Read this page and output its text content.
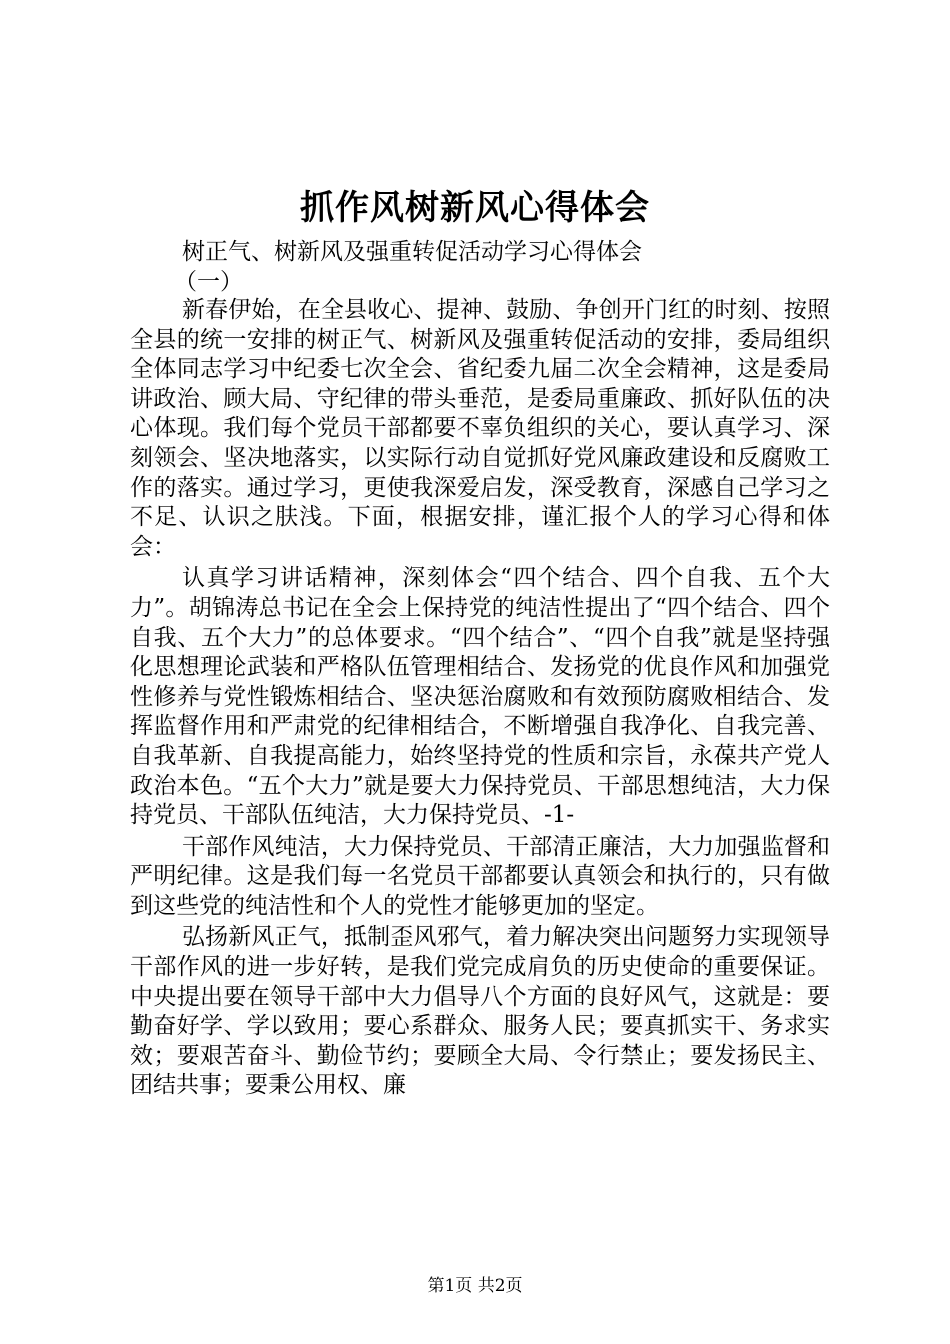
抓作风树新风心得体会
树正气、树新风及强重转促活动学习心得体会
（一）

新春伊始，在全县收心、提神、鼓励、争创开门红的时刻、按照全县的统一安排的树正气、树新风及强重转促活动的安排，委局组织全体同志学习中纪委七次全会、省纪委九届二次全会精神，这是委局讲政治、顾大局、守纪律的带头垂范，是委局重廉政、抓好队伍的决心体现。我们每个党员干部都要不辜负组织的关心，要认真学习、深刻领会、坚决地落实，以实际行动自觉抓好党风廉政建设和反腐败工作的落实。通过学习，更使我深爱启发，深受教育，深感自己学习之不足、认识之肤浅。下面，根据安排，谨汇报个人的学习心得和体会：

认真学习讲话精神，深刻体会“四个结合、四个自我、五个大力”。胡锦涛总书记在全会上保持党的纯洁性提出了“四个结合、四个自我、五个大力”的总体要求。“四个结合”、“四个自我”就是坚持强化思想理论武装和严格队伍管理相结合、发扬党的优良作风和加强党性修养与党性锻炼相结合、坚决惩治腐败和有效预防腐败相结合、发挥监督作用和严肃党的纪律相结合，不断增强自我净化、自我完善、自我革新、自我提高能力，始终坚持党的性质和宗旨，永葆共产党人政治本色。“五个大力”就是要大力保持党员、干部思想纯洁，大力保持党员、干部队伍纯洁，大力保持党员、-1-

干部作风纯洁，大力保持党员、干部清正廉洁，大力加强监督和严明纪律。这是我们每一名党员干部都要认真领会和执行的，只有做到这些党的纯洁性和个人的党性才能够更加的坚定。

弘扬新风正气，抵制歪风邪气，着力解决突出问题努力实现领导干部作风的进一步好转，是我们党完成肩负的历史使命的重要保证。中央提出要在领导干部中大力倡导八个方面的良好风气，这就是：要勤奋好学、学以致用；要心系群众、服务人民；要真抓实干、务求实效；要艰苦奋斗、勤俭节约；要顾全大局、令行禁止；要发扬民主、团结共事；要秉公用权、廉

第1页 共2页
